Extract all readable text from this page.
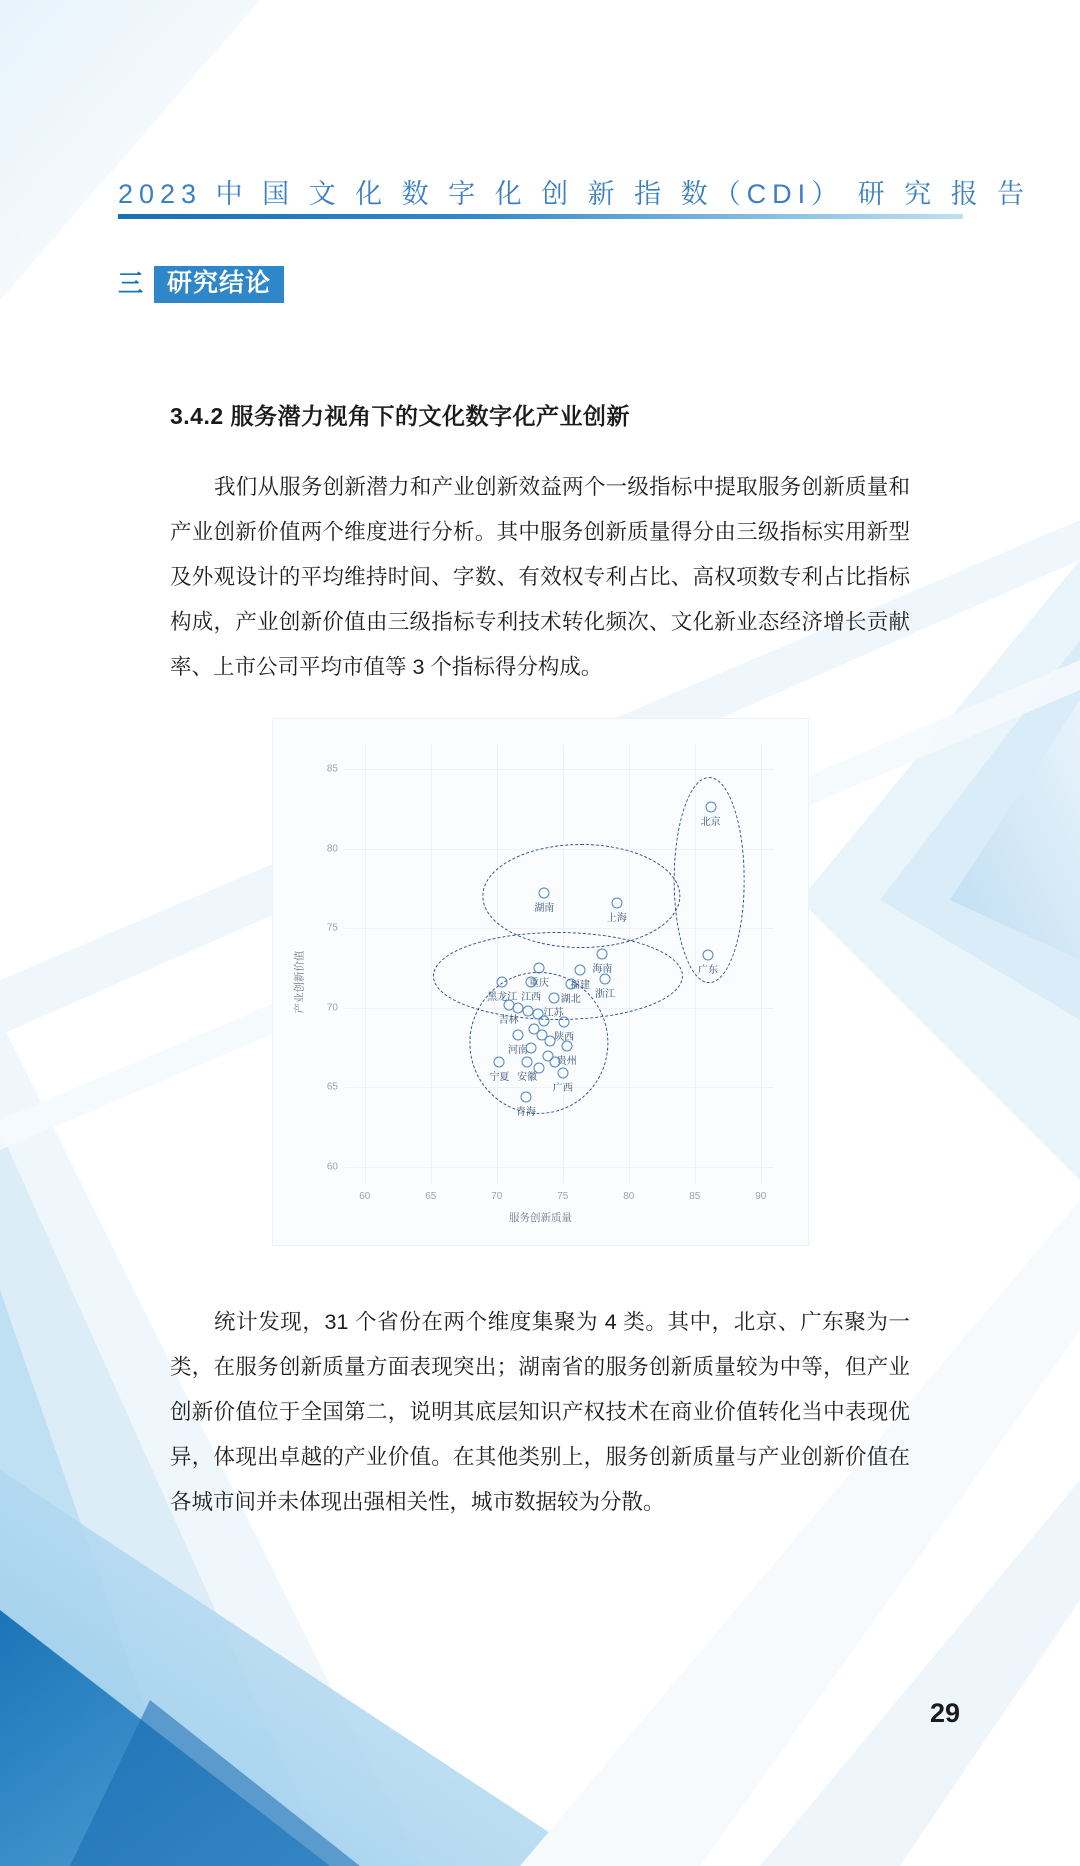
2023 中 国 文 化 数 字 化 创 新 指 数（CDI） 研 究 报 告
三 研究结论
3.4.2 服务潜力视角下的文化数字化产业创新
我们从服务创新潜力和产业创新效益两个一级指标中提取服务创新质量和产业创新价值两个维度进行分析。其中服务创新质量得分由三级指标实用新型及外观设计的平均维持时间、字数、有效权专利占比、高权项数专利占比指标构成，产业创新价值由三级指标专利技术转化频次、文化新业态经济增长贡献率、上市公司平均市值等 3 个指标得分构成。
产业创新价值
服务创新质量
60
65
70
75
80
85
60	65	70	75	80	85	90
北京
湖南
上海
海南	广东
重庆 福建
黑龙江 江西 湖北 浙江
江苏
吉林
陕西
河南
贵州
宁夏 安徽
广西
青海
统计发现，31 个省份在两个维度集聚为 4 类。其中，北京、广东聚为一类，在服务创新质量方面表现突出；湖南省的服务创新质量较为中等，但产业创新价值位于全国第二，说明其底层知识产权技术在商业价值转化当中表现优异，体现出卓越的产业价值。在其他类别上，服务创新质量与产业创新价值在各城市间并未体现出强相关性，城市数据较为分散。
29
